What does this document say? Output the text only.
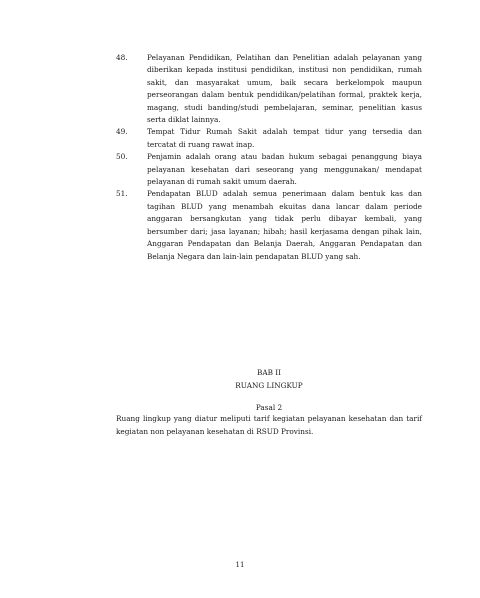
48.	Pelayanan Pendidikan, Pelatihan dan Penelitian adalah pelayanan yang diberikan kepada institusi pendidikan, institusi non pendidikan, rumah sakit, dan masyarakat umum, baik secara berkelompok maupun perseorangan dalam bentuk pendidikan/pelatihan formal, praktek kerja, magang, studi banding/studi pembelajaran, seminar, penelitian kasus serta diklat lainnya.
49.	Tempat Tidur Rumah Sakit adalah tempat tidur yang tersedia dan tercatat di ruang rawat inap.
50.	Penjamin adalah orang atau badan hukum sebagai penanggung biaya pelayanan kesehatan dari seseorang yang menggunakan/ mendapat pelayanan di rumah sakit umum daerah.
51.	Pendapatan BLUD adalah semua penerimaan dalam bentuk kas dan tagihan BLUD yang menambah ekuitas dana lancar dalam periode anggaran bersangkutan yang tidak perlu dibayar kembali, yang bersumber dari; jasa layanan; hibah; hasil kerjasama dengan pihak lain, Anggaran Pendapatan dan Belanja Daerah, Anggaran Pendapatan dan Belanja Negara dan lain-lain pendapatan BLUD yang sah.
BAB II
RUANG LINGKUP
Pasal 2
Ruang lingkup yang diatur meliputi tarif kegiatan pelayanan kesehatan dan tarif kegiatan non pelayanan kesehatan di RSUD Provinsi.
11
